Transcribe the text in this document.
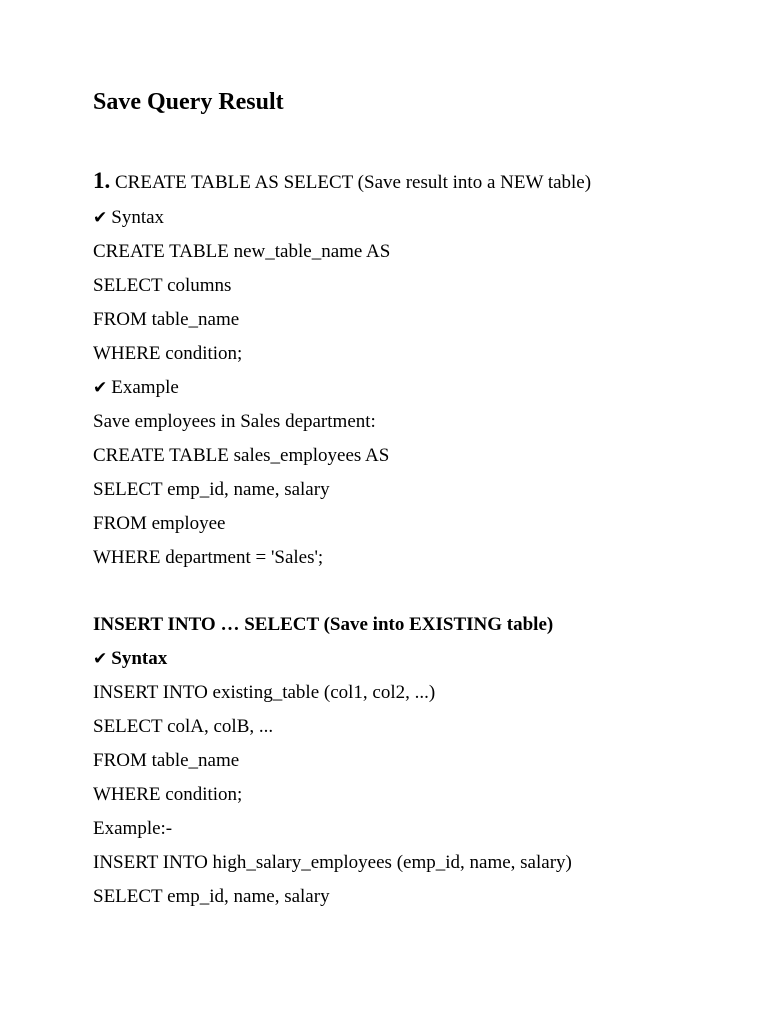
Save Query Result
1. CREATE TABLE AS SELECT (Save result into a NEW table)
✔ Syntax
CREATE TABLE new_table_name AS
SELECT columns
FROM table_name
WHERE condition;
✔ Example
Save employees in Sales department:
CREATE TABLE sales_employees AS
SELECT emp_id, name, salary
FROM employee
WHERE department = 'Sales';
INSERT INTO … SELECT (Save into EXISTING table)
✔ Syntax
INSERT INTO existing_table (col1, col2, ...)
SELECT colA, colB, ...
FROM table_name
WHERE condition;
Example:-
INSERT INTO high_salary_employees (emp_id, name, salary)
SELECT emp_id, name, salary
